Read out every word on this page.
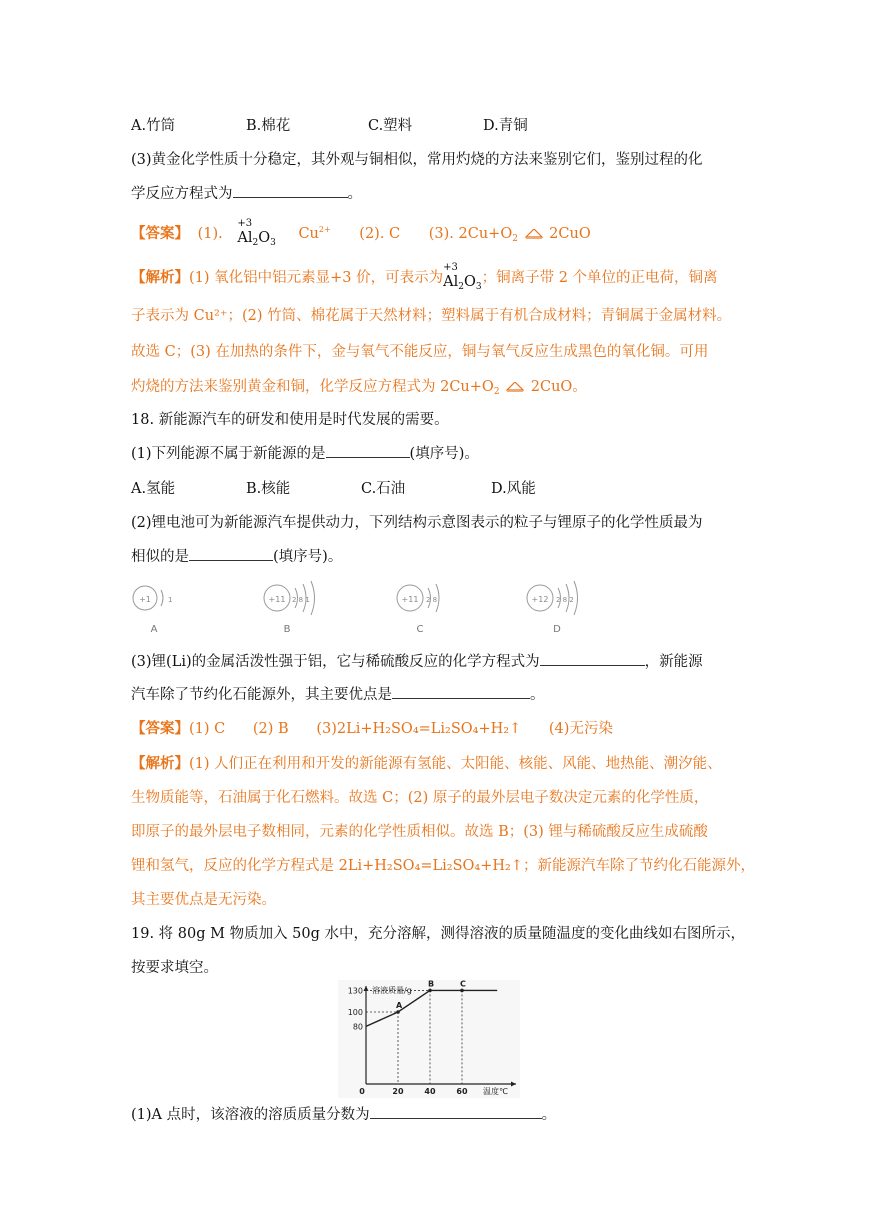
A.竹筒	B.棉花	C.塑料	D.青铜
(3)黄金化学性质十分稳定，其外观与铜相似，常用灼烧的方法来鉴别它们，鉴别过程的化
学反应方程式为	。
【答案】 (1).
+3
$Al_2O_3$ $Cu^{2+}$ (2). C (3). $2Cu+O_2$ 2CuO
【解析】(1) 氧化铝中铝元素显+3 价，可表示为
+3
$Al_2O_3$；铜离子带 2 个单位的正电荷，铜离
子表示为 Cu²⁺；(2) 竹筒、棉花属于天然材料；塑料属于有机合成材料；青铜属于金属材料。
故选 C；(3) 在加热的条件下，金与氧气不能反应，铜与氧气反应生成黑色的氧化铜。可用
灼烧的方法来鉴别黄金和铜，化学反应方程式为 $2Cu+O_2$ 2CuO。
18. 新能源汽车的研发和使用是时代发展的需要。
(1)下列能源不属于新能源的是	(填序号)。
A.氢能	B.核能	C.石油	D.风能
(2)锂电池可为新能源汽车提供动力，下列结构示意图表示的粒子与锂原子的化学性质最为
相似的是	(填序号)。
+1 1
A
+11 2 8 1
B
+11 2 8
C
+12 2 8 2
D
(3)锂(Li)的金属活泼性强于铝，它与稀硫酸反应的化学方程式为	，新能源
汽车除了节约化石能源外，其主要优点是	。
【答案】(1) C      (2) B      (3)2Li+H₂SO₄=Li₂SO₄+H₂↑      (4)无污染
【解析】(1) 人们正在利用和开发的新能源有氢能、太阳能、核能、风能、地热能、潮汐能、
生物质能等，石油属于化石燃料。故选 C；(2) 原子的最外层电子数决定元素的化学性质，
即原子的最外层电子数相同，元素的化学性质相似。故选 B；(3) 锂与稀硫酸反应生成硫酸
锂和氢气，反应的化学方程式是 2Li+H₂SO₄=Li₂SO₄+H₂↑；新能源汽车除了节约化石能源外，
其主要优点是无污染。
19. 将 80g M 物质加入 50g 水中，充分溶解，测得溶液的质量随温度的变化曲线如右图所示，
按要求填空。
溶液质量/g
温度℃
A
B	C
80
100
130
0	20	40	60
(1)A 点时，该溶液的溶质质量分数为	。
